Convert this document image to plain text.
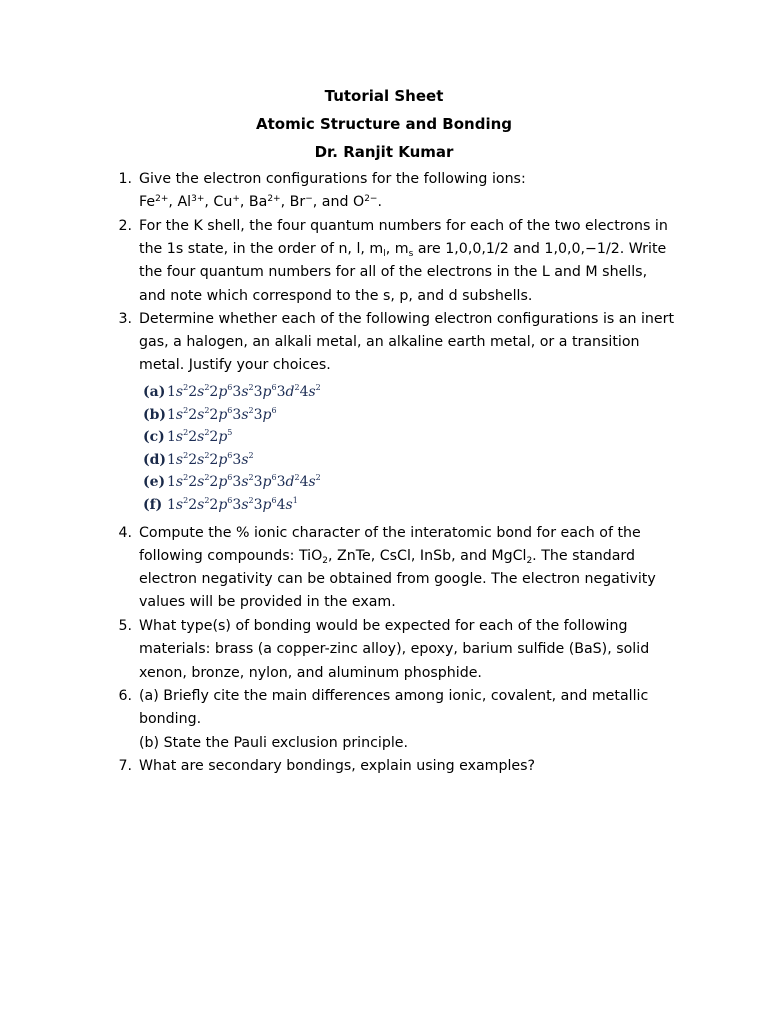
Tutorial Sheet
Atomic Structure and Bonding
Dr. Ranjit Kumar
1. Give the electron configurations for the following ions:
$Fe^{2+}$, $Al^{3+}$, Cu+, $Ba^{2+}$, Br−, and $O^{2-}$.
2. For the K shell, the four quantum numbers for each of the two electrons in
the 1s state, in the order of n, l, $m_l$, $m_s$ are 1,0,0,1/2 and 1,0,0,−1/2. Write
the four quantum numbers for all of the electrons in the L and M shells,
and note which correspond to the s, p, and d subshells.
3. Determine whether each of the following electron configurations is an inert
gas, a halogen, an alkali metal, an alkaline earth metal, or a transition
metal. Justify your choices.
(a) $1s^22s^22p^63s^23p^63d^24s^2$
$(b)1s^22s^22p^63s^23p^6$
(c) $1s^22s^22p^5$
$(d)1s^22s^22p^63s^2$
(e) $1s^22s^22p^63s^23p^63d^24s^2$
(f) $1s^22s^22p^63s^23p^64s^1$
4. Compute the % ionic character of the interatomic bond for each of the
following compounds: TiO$_2$, ZnTe, CsCl, InSb, and MgCl$_2$. The standard
electron negativity can be obtained from google. The electron negativity
values will be provided in the exam.
5. What type(s) of bonding would be expected for each of the following
materials: brass (a copper-zinc alloy), epoxy, barium sulfide (BaS), solid
xenon, bronze, nylon, and aluminum phosphide.
6. (a) Briefly cite the main differences among ionic, covalent, and metallic
bonding.
(b) State the Pauli exclusion principle.
7. What are secondary bondings, explain using examples?
